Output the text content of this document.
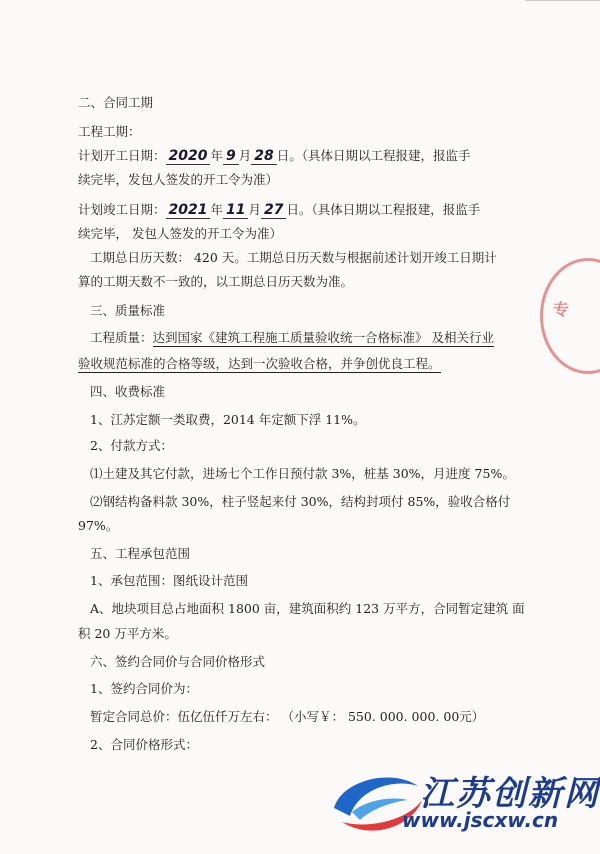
二、合同工期
工程工期：
计划开工日期： 2020 年 9 月 28 日。（具体日期以工程报建，报监手
续完毕，发包人签发的开工令为准）
计划竣工日期： 2021 年 11 月 27 日。（具体日期以工程报建，报监手
续完毕， 发包人签发的开工令为准）
工期总日历天数： 420 天。工期总日历天数与根据前述计划开竣工日期计
算的工期天数不一致的，以工期总日历天数为准。
三、质量标准
工程质量：达到国家《建筑工程施工质量验收统一合格标准》 及相关行业
验收规范标准的合格等级，达到一次验收合格，并争创优良工程。
四、收费标准
1、江苏定额一类取费，2014 年定额下浮 11%。
2、付款方式：
⑴土建及其它付款，进场七个工作日预付款 3%，桩基 30%，月进度 75%。
⑵钢结构备料款 30%，柱子竖起来付 30%，结构封项付 85%，验收合格付
97%。
五、工程承包范围
1、承包范围：图纸设计范围
A、地块项目总占地面积 1800 亩，建筑面积约 123 万平方，合同暂定建筑 面
积 20 万平方米。
六、签约合同价与合同价格形式
1、签约合同价为：
暂定合同总价：伍亿伍仟万左右： （小写￥： 550. 000. 000. 00元）
2、合同价格形式：
专
江苏创新网
www.jscxw.cn
